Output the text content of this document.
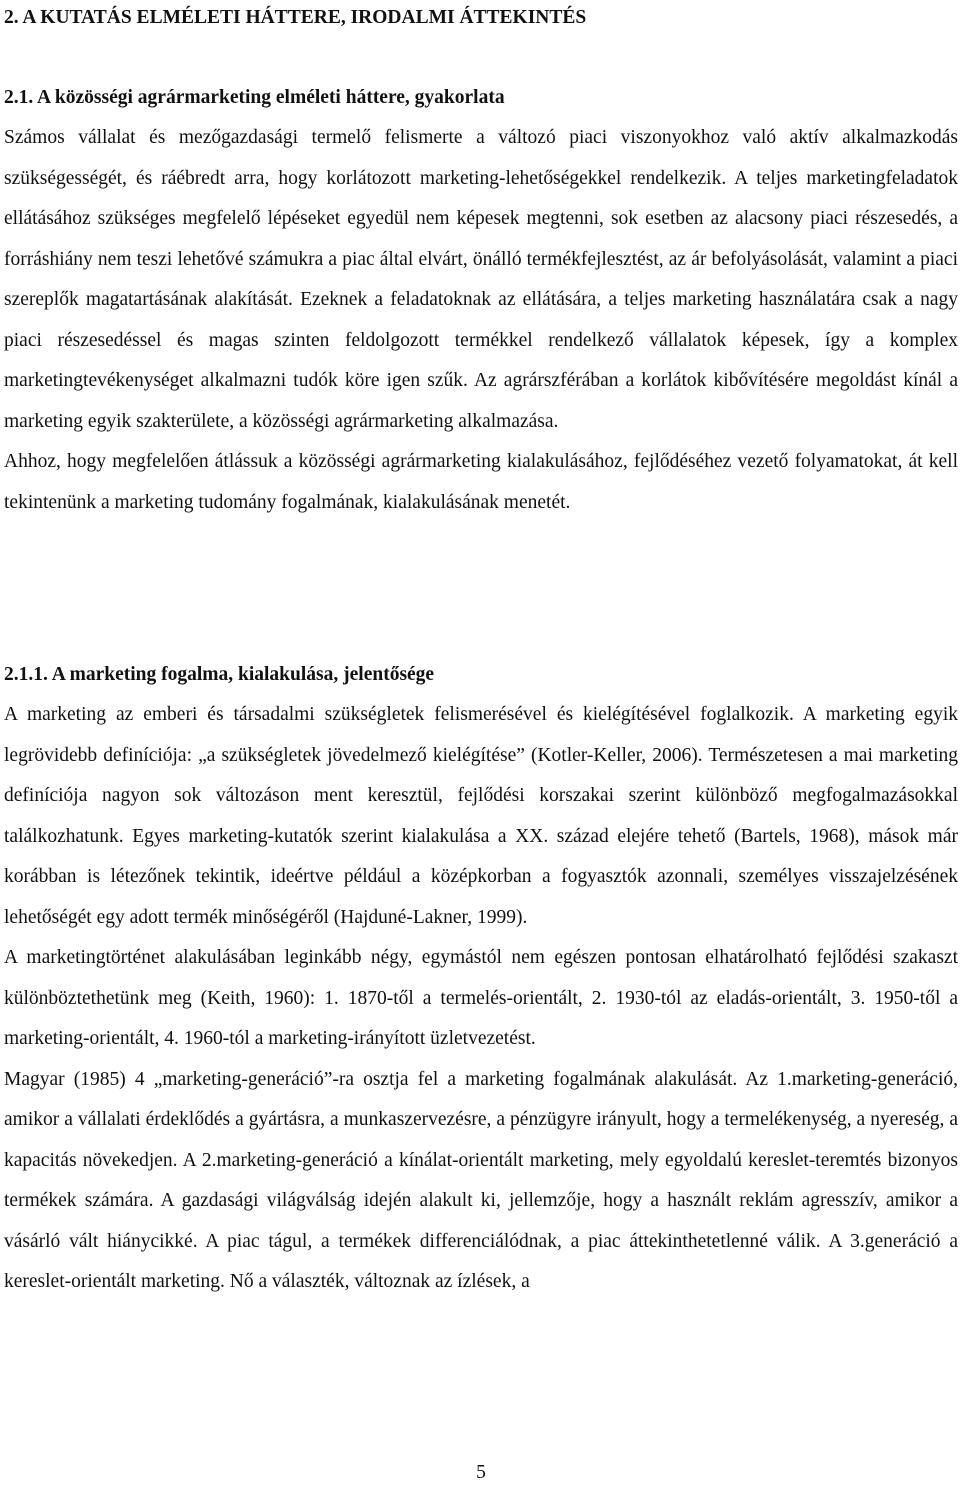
2. A KUTATÁS ELMÉLETI HÁTTERE, IRODALMI ÁTTEKINTÉS
2.1. A közösségi agrármarketing elméleti háttere, gyakorlata

Számos vállalat és mezőgazdasági termelő felismerte a változó piaci viszonyokhoz való aktív alkalmazkodás szükségességét, és ráébredt arra, hogy korlátozott marketing-lehetőségekkel rendelkezik. A teljes marketingfeladatok ellátásához szükséges megfelelő lépéseket egyedül nem képesek megtenni, sok esetben az alacsony piaci részesedés, a forráshiány nem teszi lehetővé számukra a piac által elvárt, önálló termékfejlesztést, az ár befolyásolását, valamint a piaci szereplők magatartásának alakítását. Ezeknek a feladatoknak az ellátására, a teljes marketing használatára csak a nagy piaci részesedéssel és magas szinten feldolgozott termékkel rendelkező vállalatok képesek, így a komplex marketingtevékenységet alkalmazni tudók köre igen szűk. Az agrárszférában a korlátok kibővítésére megoldást kínál a marketing egyik szakterülete, a közösségi agrármarketing alkalmazása.

Ahhoz, hogy megfelelően átlássuk a közösségi agrármarketing kialakulásához, fejlődéséhez vezető folyamatokat, át kell tekintenünk a marketing tudomány fogalmának, kialakulásának menetét.

2.1.1. A marketing fogalma, kialakulása, jelentősége

A marketing az emberi és társadalmi szükségletek felismerésével és kielégítésével foglalkozik. A marketing egyik legrövidebb definíciója: „a szükségletek jövedelmező kielégítése” (Kotler-Keller, 2006). Természetesen a mai marketing definíciója nagyon sok változáson ment keresztül, fejlődési korszakai szerint különböző megfogalmazásokkal találkozhatunk. Egyes marketing-kutatók szerint kialakulása a XX. század elejére tehető (Bartels, 1968), mások már korábban is létezőnek tekintik, ideértve például a középkorban a fogyasztók azonnali, személyes visszajelzésének lehetőségét egy adott termék minőségéről (Hajduné-Lakner, 1999).

A marketingtörténet alakulásában leginkább négy, egymástól nem egészen pontosan elhatárolható fejlődési szakaszt különböztethetünk meg (Keith, 1960): 1. 1870-től a termelés-orientált, 2. 1930-tól az eladás-orientált, 3. 1950-től a marketing-orientált, 4. 1960-tól a marketing-irányított üzletvezetést.

Magyar (1985) 4 „marketing-generáció”-ra osztja fel a marketing fogalmának alakulását. Az 1.marketing-generáció, amikor a vállalati érdeklődés a gyártásra, a munkaszervezésre, a pénzügyre irányult, hogy a termelékenység, a nyereség, a kapacitás növekedjen. A 2.marketing-generáció a kínálat-orientált marketing, mely egyoldalú kereslet-teremtés bizonyos termékek számára. A gazdasági világválság idején alakult ki, jellemzője, hogy a használt reklám agresszív, amikor a vásárló vált hiánycikké. A piac tágul, a termékek differenciálódnak, a piac áttekinthetetlenné válik. A 3.generáció a kereslet-orientált marketing. Nő a választék, változnak az ízlések, a

5
